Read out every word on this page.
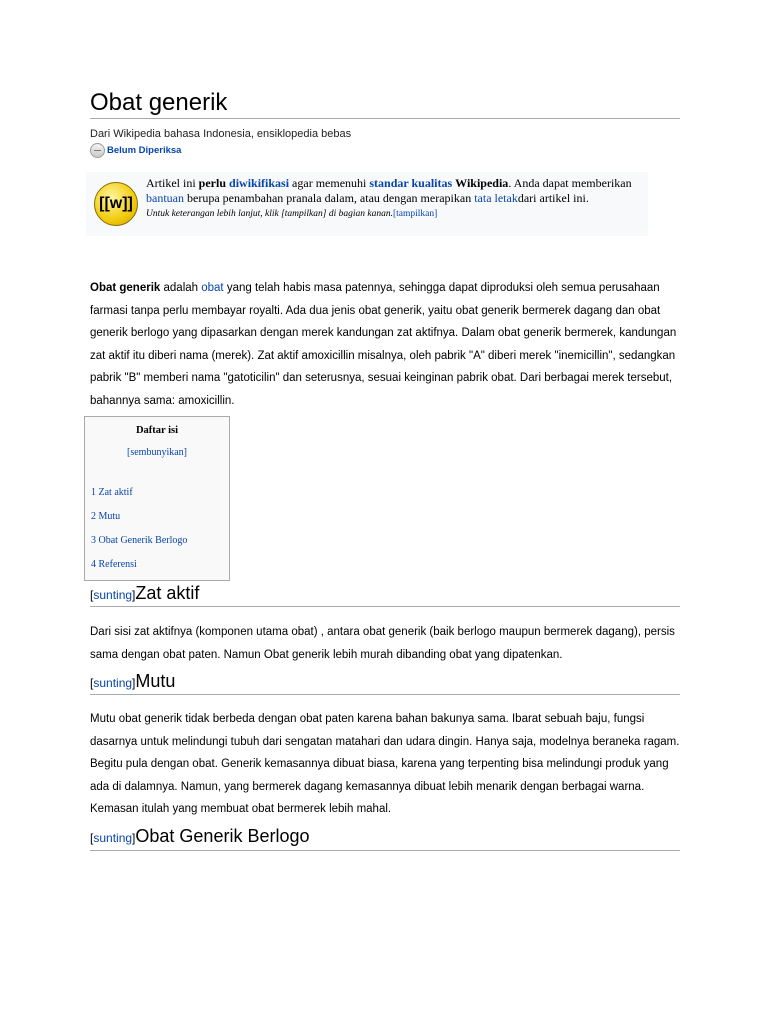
Obat generik
Dari Wikipedia bahasa Indonesia, ensiklopedia bebas
Belum Diperiksa
[[w]]
Artikel ini perlu diwikifikasi agar memenuhi standar kualitas Wikipedia. Anda dapat memberikan bantuan berupa penambahan pranala dalam, atau dengan merapikan tata letakdari artikel ini.
Untuk keterangan lebih lanjut, klik [tampilkan] di bagian kanan.[tampilkan]
Obat generik adalah obat yang telah habis masa patennya, sehingga dapat diproduksi oleh semua perusahaan farmasi tanpa perlu membayar royalti. Ada dua jenis obat generik, yaitu obat generik bermerek dagang dan obat generik berlogo yang dipasarkan dengan merek kandungan zat aktifnya. Dalam obat generik bermerek, kandungan zat aktif itu diberi nama (merek). Zat aktif amoxicillin misalnya, oleh pabrik "A" diberi merek "inemicillin", sedangkan pabrik "B" memberi nama "gatoticilin" dan seterusnya, sesuai keinginan pabrik obat. Dari berbagai merek tersebut, bahannya sama: amoxicillin.
Daftar isi
[sembunyikan]
1 Zat aktif
2 Mutu
3 Obat Generik Berlogo
4 Referensi
[sunting]Zat aktif
Dari sisi zat aktifnya (komponen utama obat) , antara obat generik (baik berlogo maupun bermerek dagang), persis sama dengan obat paten. Namun Obat generik lebih murah dibanding obat yang dipatenkan.
[sunting]Mutu
Mutu obat generik tidak berbeda dengan obat paten karena bahan bakunya sama. Ibarat sebuah baju, fungsi dasarnya untuk melindungi tubuh dari sengatan matahari dan udara dingin. Hanya saja, modelnya beraneka ragam. Begitu pula dengan obat. Generik kemasannya dibuat biasa, karena yang terpenting bisa melindungi produk yang ada di dalamnya. Namun, yang bermerek dagang kemasannya dibuat lebih menarik dengan berbagai warna. Kemasan itulah yang membuat obat bermerek lebih mahal.
[sunting]Obat Generik Berlogo
